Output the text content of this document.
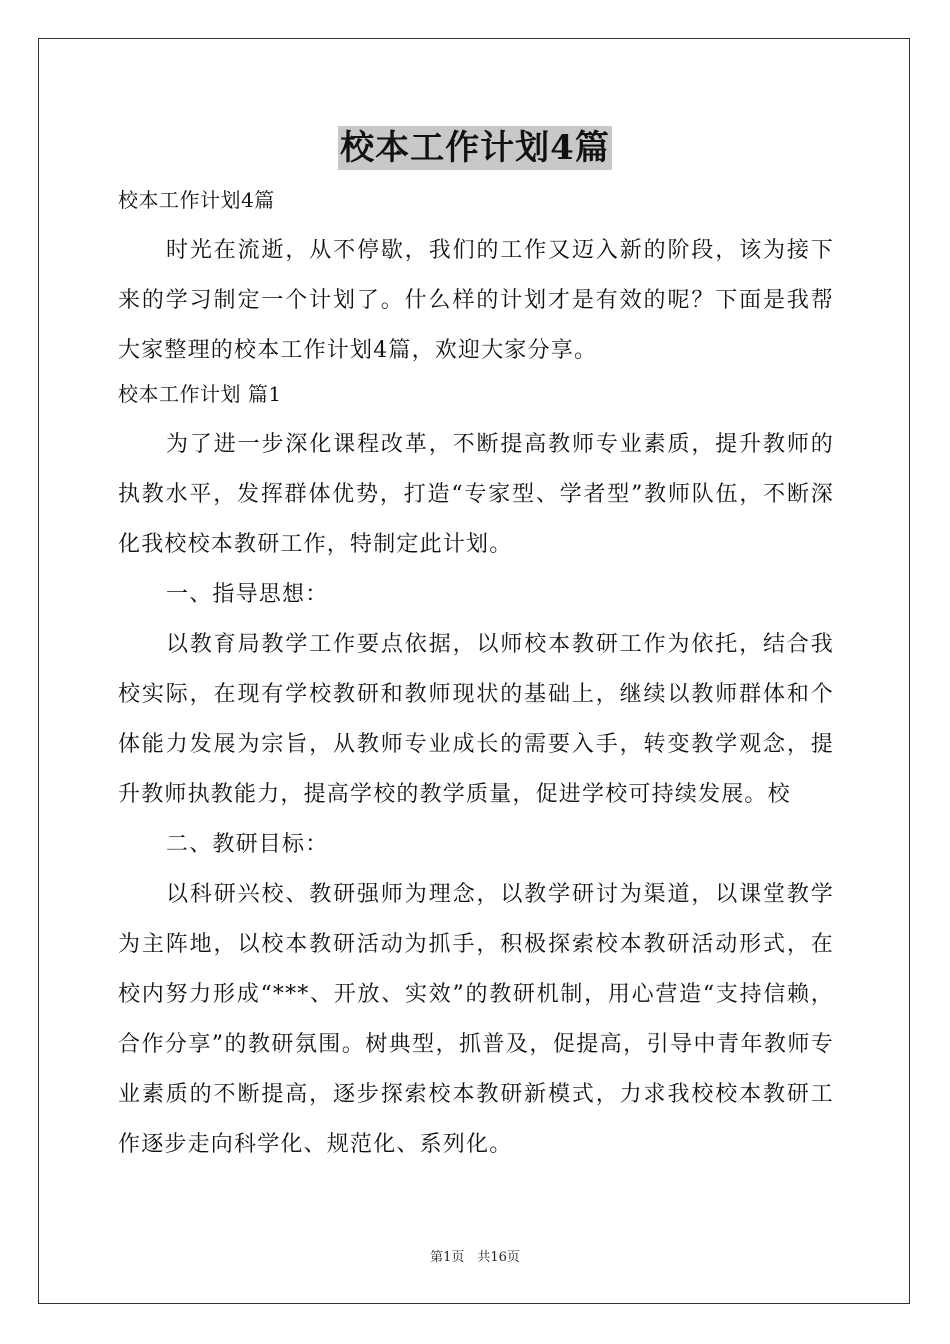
校本工作计划4篇

校本工作计划4篇

时光在流逝，从不停歇，我们的工作又迈入新的阶段，该为接下来的学习制定一个计划了。什么样的计划才是有效的呢？下面是我帮大家整理的校本工作计划4篇，欢迎大家分享。

校本工作计划 篇1

为了进一步深化课程改革，不断提高教师专业素质，提升教师的执教水平，发挥群体优势，打造“专家型、学者型”教师队伍，不断深化我校校本教研工作，特制定此计划。

一、指导思想：

以教育局教学工作要点依据，以师校本教研工作为依托，结合我校实际，在现有学校教研和教师现状的基础上，继续以教师群体和个体能力发展为宗旨，从教师专业成长的需要入手，转变教学观念，提升教师执教能力，提高学校的教学质量，促进学校可持续发展。校

二、教研目标：

以科研兴校、教研强师为理念，以教学研讨为渠道，以课堂教学为主阵地，以校本教研活动为抓手，积极探索校本教研活动形式，在校内努力形成“***、开放、实效”的教研机制，用心营造“支持信赖，合作分享”的教研氛围。树典型，抓普及，促提高，引导中青年教师专业素质的不断提高，逐步探索校本教研新模式，力求我校校本教研工作逐步走向科学化、规范化、系列化。

第1页　共16页
